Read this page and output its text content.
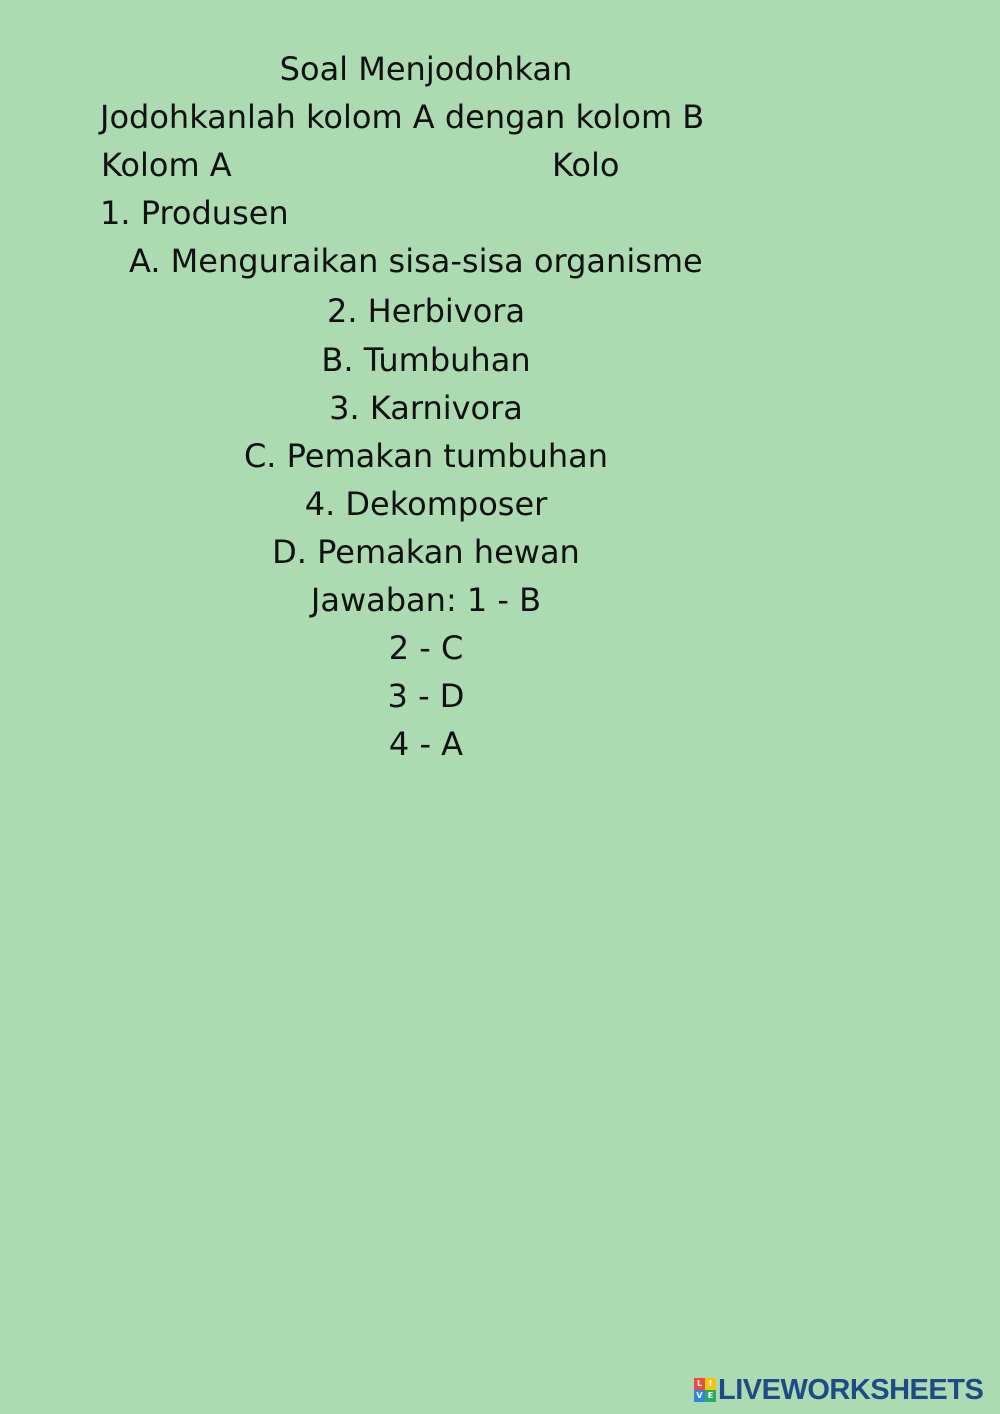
Soal Menjodohkan

Jodohkanlah kolom A dengan kolom B

Kolom A	Kolo

1. Produsen

A. Menguraikan sisa-sisa organisme

2. Herbivora

B. Tumbuhan

3. Karnivora

C. Pemakan tumbuhan

4. Dekomposer

D. Pemakan hewan

Jawaban: 1 - B

2 - C

3 - D

4 - A

L I
V E LIVEWORKSHEETS
